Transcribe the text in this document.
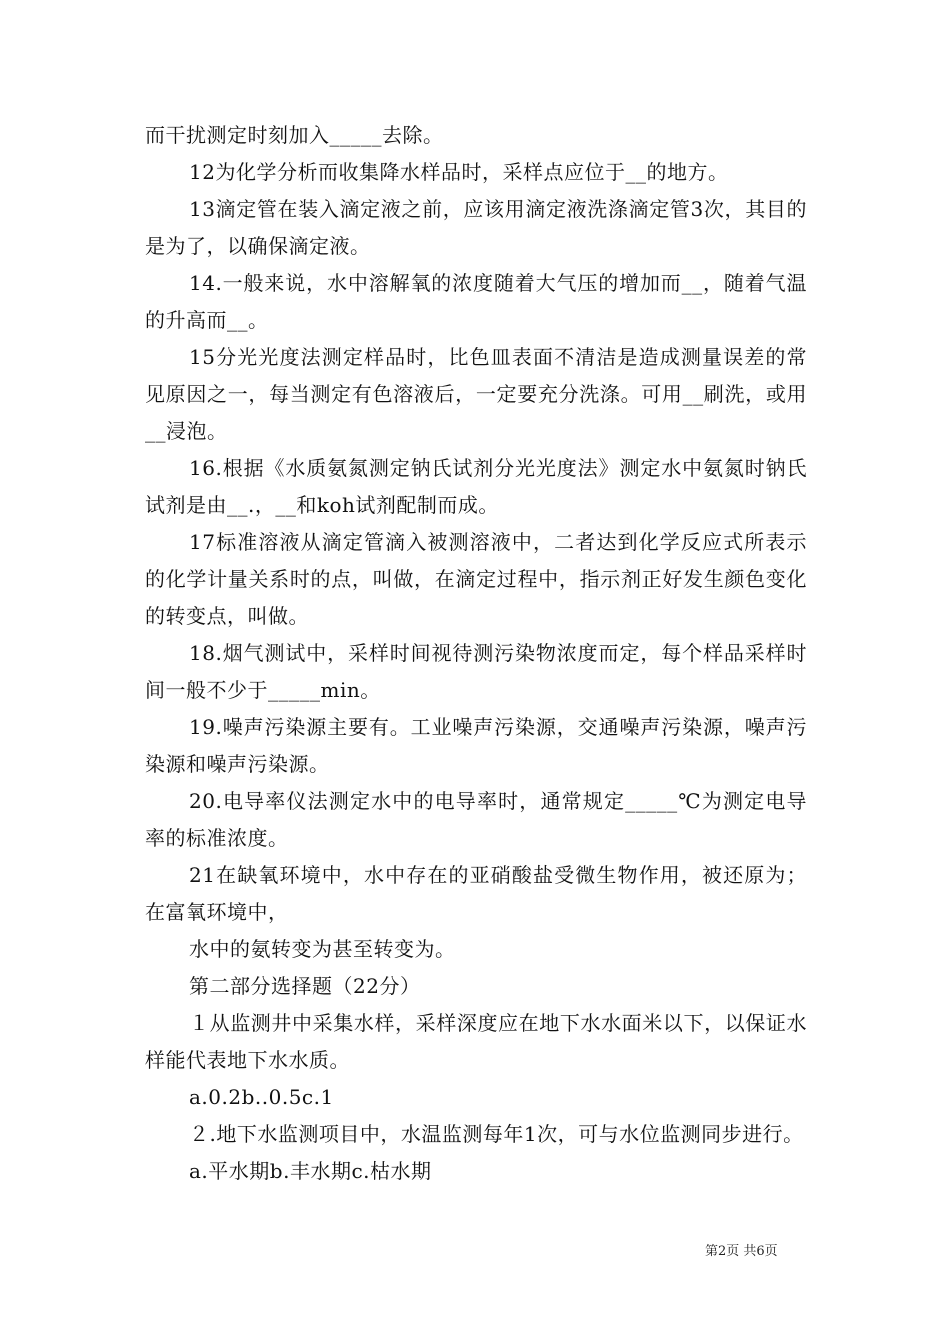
而干扰测定时刻加入_____去除。

12为化学分析而收集降水样品时，采样点应位于__的地方。

13滴定管在装入滴定液之前，应该用滴定液洗涤滴定管3次，其目的是为了，以确保滴定液。

14.一般来说，水中溶解氧的浓度随着大气压的增加而__，随着气温的升高而__。

15分光光度法测定样品时，比色皿表面不清洁是造成测量误差的常见原因之一，每当测定有色溶液后，一定要充分洗涤。可用__刷洗，或用__浸泡。

16.根据《水质氨氮测定钠氏试剂分光光度法》测定水中氨氮时钠氏试剂是由__.，__和koh试剂配制而成。

17标准溶液从滴定管滴入被测溶液中，二者达到化学反应式所表示的化学计量关系时的点，叫做，在滴定过程中，指示剂正好发生颜色变化的转变点，叫做。

18.烟气测试中，采样时间视待测污染物浓度而定，每个样品采样时间一般不少于_____min。

19.噪声污染源主要有。工业噪声污染源，交通噪声污染源，噪声污染源和噪声污染源。

20.电导率仪法测定水中的电导率时，通常规定_____℃为测定电导率的标准浓度。

21在缺氧环境中，水中存在的亚硝酸盐受微生物作用，被还原为；在富氧环境中，

水中的氨转变为甚至转变为。

第二部分选择题（22分）

１从监测井中采集水样，采样深度应在地下水水面米以下，以保证水样能代表地下水水质。

a.0.2b..0.5c.1

２.地下水监测项目中，水温监测每年1次，可与水位监测同步进行。

a.平水期b.丰水期c.枯水期

第2页 共6页
